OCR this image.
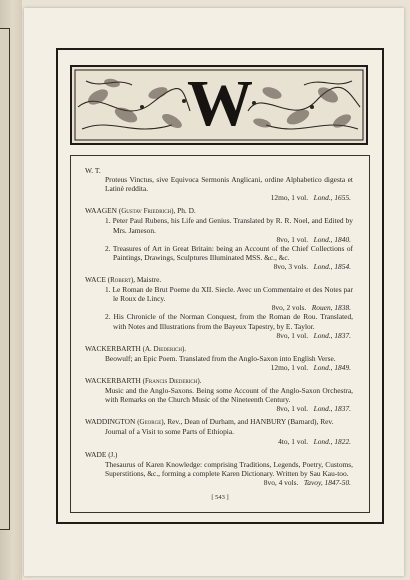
W
W. T.
Proteus Vinctus, sive Equivoca Sermonis Anglicani, ordine Alphabetico digesta et Latinè reddita.
12mo, 1 vol. Lond., 1655.
WAAGEN (Gustav Friedrich), Ph. D.
1. Peter Paul Rubens, his Life and Genius. Translated by R. R. Noel, and Edited by Mrs. Jameson.
8vo, 1 vol. Lond., 1840.
2. Treasures of Art in Great Britain: being an Account of the Chief Collections of Paintings, Drawings, Sculptures Illuminated MSS. &c., &c.
8vo, 3 vols. Lond., 1854.
WACE (Robert), Maistre.
1. Le Roman de Brut Poeme du XII. Siecle. Avec un Commentaire et des Notes par le Roux de Lincy.
8vo, 2 vols. Rouen, 1838.
2. His Chronicle of the Norman Conquest, from the Roman de Rou. Translated, with Notes and Illustrations from the Bayeux Tapestry, by E. Taylor.
8vo, 1 vol. Lond., 1837.
WACKERBARTH (A. Diederich).
Beowulf; an Epic Poem. Translated from the Anglo-Saxon into English Verse.
12mo, 1 vol. Lond., 1849.
WACKERBARTH (Francis Diederich).
Music and the Anglo-Saxons. Being some Account of the Anglo-Saxon Orchestra, with Remarks on the Church Music of the Nineteenth Century.
8vo, 1 vol. Lond., 1837.
WADDINGTON (George), Rev., Dean of Durham, and HANBURY (Barnard), Rev.
Journal of a Visit to some Parts of Ethiopia.
4to, 1 vol. Lond., 1822.
WADE (J.)
Thesaurus of Karen Knowledge: comprising Traditions, Legends, Poetry, Customs, Superstitions, &c., forming a complete Karen Dictionary. Written by Sau Kau-too.
8vo, 4 vols. Tavoy, 1847-50.
[ 543 ]
